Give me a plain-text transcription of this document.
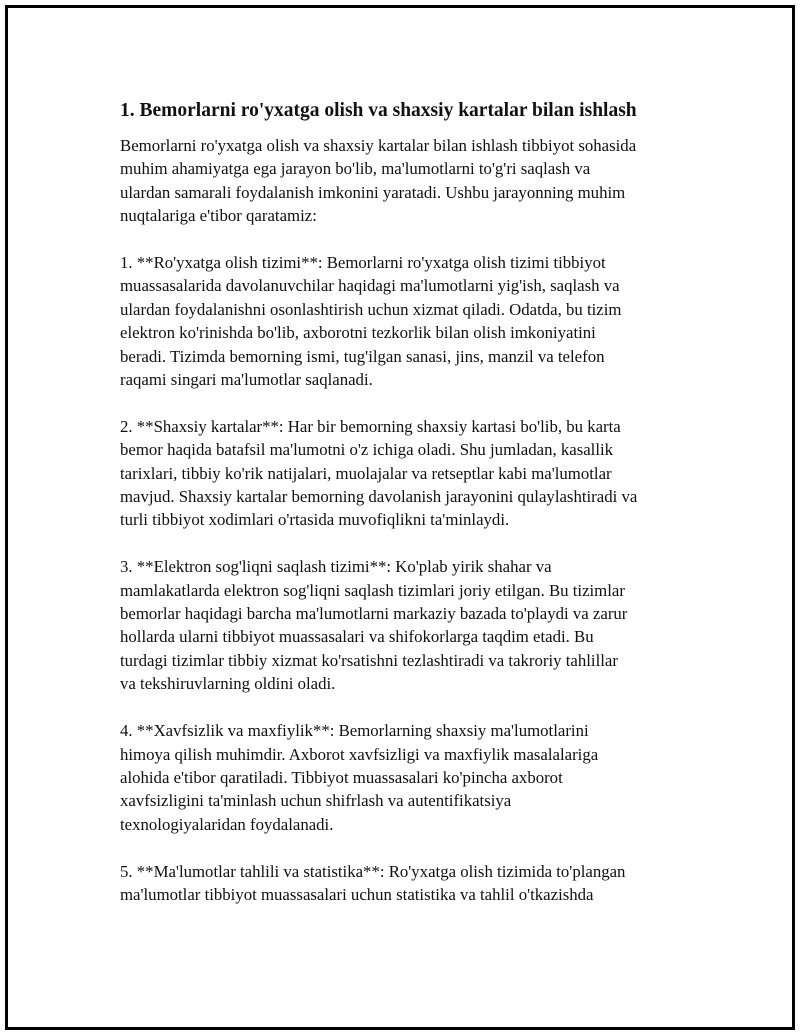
1. Bemorlarni ro'yxatga olish va shaxsiy kartalar bilan ishlash

Bemorlarni ro'yxatga olish va shaxsiy kartalar bilan ishlash tibbiyot sohasida
muhim ahamiyatga ega jarayon bo'lib, ma'lumotlarni to'g'ri saqlash va
ulardan samarali foydalanish imkonini yaratadi. Ushbu jarayonning muhim
nuqtalariga e'tibor qaratamiz:

1. **Ro'yxatga olish tizimi**: Bemorlarni ro'yxatga olish tizimi tibbiyot
muassasalarida davolanuvchilar haqidagi ma'lumotlarni yig'ish, saqlash va
ulardan foydalanishni osonlashtirish uchun xizmat qiladi. Odatda, bu tizim
elektron ko'rinishda bo'lib, axborotni tezkorlik bilan olish imkoniyatini
beradi. Tizimda bemorning ismi, tug'ilgan sanasi, jins, manzil va telefon
raqami singari ma'lumotlar saqlanadi.

2. **Shaxsiy kartalar**: Har bir bemorning shaxsiy kartasi bo'lib, bu karta
bemor haqida batafsil ma'lumotni o'z ichiga oladi. Shu jumladan, kasallik
tarixlari, tibbiy ko'rik natijalari, muolajalar va retseptlar kabi ma'lumotlar
mavjud. Shaxsiy kartalar bemorning davolanish jarayonini qulaylashtiradi va
turli tibbiyot xodimlari o'rtasida muvofiqlikni ta'minlaydi.

3. **Elektron sog'liqni saqlash tizimi**: Ko'plab yirik shahar va
mamlakatlarda elektron sog'liqni saqlash tizimlari joriy etilgan. Bu tizimlar
bemorlar haqidagi barcha ma'lumotlarni markaziy bazada to'playdi va zarur
hollarda ularni tibbiyot muassasalari va shifokorlarga taqdim etadi. Bu
turdagi tizimlar tibbiy xizmat ko'rsatishni tezlashtiradi va takroriy tahlillar
va tekshiruvlarning oldini oladi.

4. **Xavfsizlik va maxfiylik**: Bemorlarning shaxsiy ma'lumotlarini
himoya qilish muhimdir. Axborot xavfsizligi va maxfiylik masalalariga
alohida e'tibor qaratiladi. Tibbiyot muassasalari ko'pincha axborot
xavfsizligini ta'minlash uchun shifrlash va autentifikatsiya
texnologiyalaridan foydalanadi.

5. **Ma'lumotlar tahlili va statistika**: Ro'yxatga olish tizimida to'plangan
ma'lumotlar tibbiyot muassasalari uchun statistika va tahlil o'tkazishda
